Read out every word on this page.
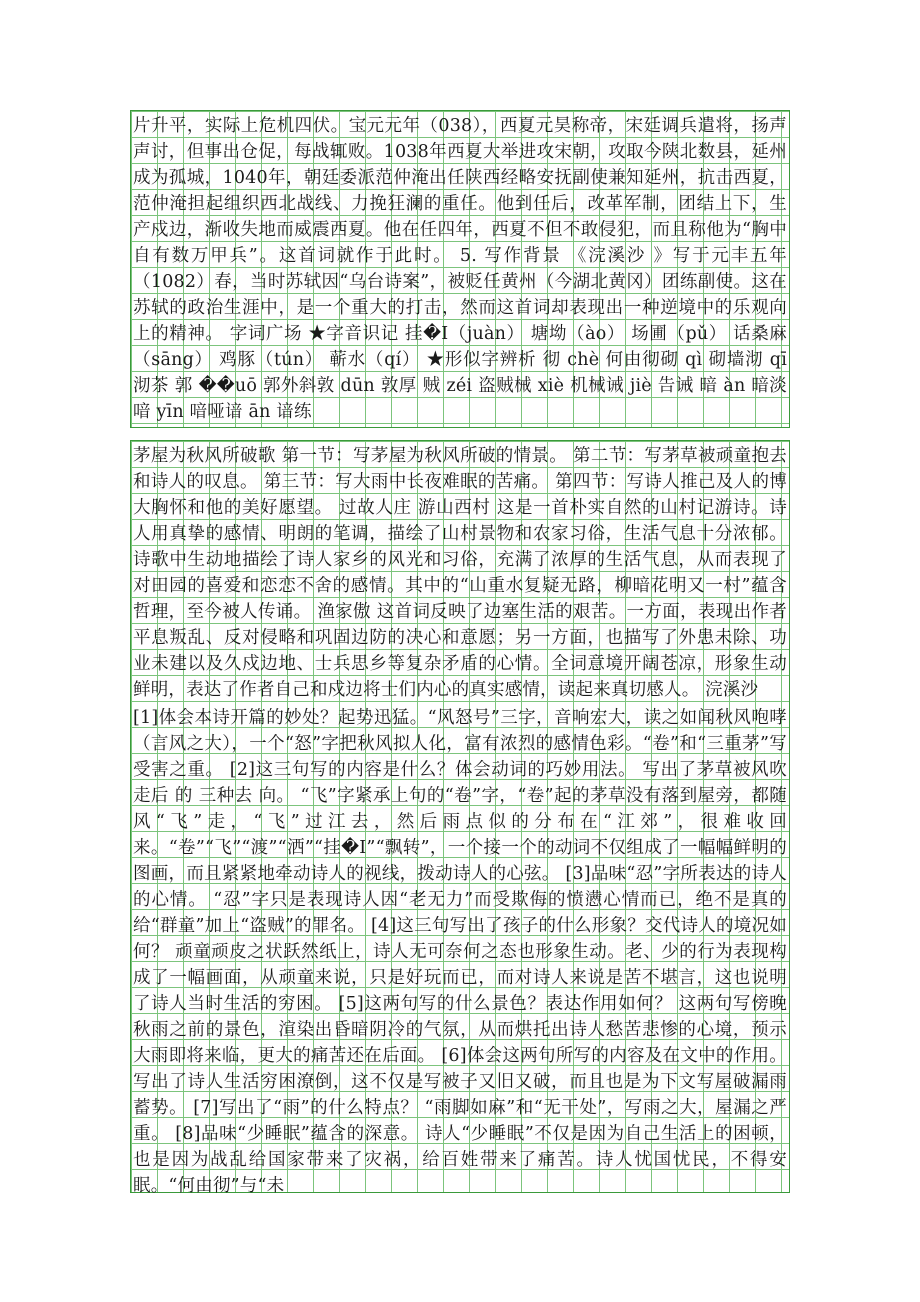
片升平，实际上危机四伏。宝元元年（038），西夏元昊称帝，宋廷调兵遣将，扬声声讨，但事出仓促，每战辄败。1038年西夏大举进攻宋朝，攻取今陕北数县，延州成为孤城，1040年，朝廷委派范仲淹出任陕西经略安抚副使兼知延州，抗击西夏，范仲淹担起组织西北战线、力挽狂澜的重任。他到任后，改革军制，团结上下，生产戍边，渐收失地而威震西夏。他在任四年，西夏不但不敢侵犯，而且称他为“胸中自有数万甲兵”。这首词就作于此时。 5. 写作背景 《浣溪沙 》写于元丰五年（1082）春，当时苏轼因“乌台诗案”，被贬任黄州（今湖北黄冈）团练副使。这在苏轼的政治生涯中，是一个重大的打击，然而这首词却表现出一种逆境中的乐观向上的精神。 字词广场 ★字音识记 挂�I（juàn） 塘坳（ào） 场圃（pǔ） 话桑麻（sāng） 鸡豚（tún） 蕲水（qí） ★形似字辨析 彻 chè 何由彻砌 qì 砌墙沏 qī 沏茶 郭 ��uō 郭外斜敦 dūn 敦厚 贼 zéi 盗贼械 xiè 机械诫 jiè 告诫 暗 àn 暗淡喑 yīn 喑哑谙 ān 谙练

茅屋为秋风所破歌 第一节：写茅屋为秋风所破的情景。 第二节：写茅草被顽童抱去和诗人的叹息。 第三节：写大雨中长夜难眠的苦痛。 第四节：写诗人推己及人的博大胸怀和他的美好愿望。 过故人庄 游山西村 这是一首朴实自然的山村记游诗。诗人用真挚的感情、明朗的笔调，描绘了山村景物和农家习俗，生活气息十分浓郁。诗歌中生动地描绘了诗人家乡的风光和习俗，充满了浓厚的生活气息，从而表现了对田园的喜爱和恋恋不舍的感情。其中的“山重水复疑无路，柳暗花明又一村”蕴含哲理，至今被人传诵。 渔家傲 这首词反映了边塞生活的艰苦。一方面，表现出作者平息叛乱、反对侵略和巩固边防的决心和意愿；另一方面，也描写了外患未除、功业未建以及久戍边地、士兵思乡等复杂矛盾的心情。全词意境开阔苍凉，形象生动鲜明，表达了作者自己和戍边将士们内心的真实感情，读起来真切感人。 浣溪沙

[1]体会本诗开篇的妙处？起势迅猛。“风怒号”三字，音响宏大，读之如闻秋风咆哮（言风之大），一个“怒”字把秋风拟人化，富有浓烈的感情色彩。“卷”和“三重茅”写受害之重。 [2]这三句写的内容是什么？体会动词的巧妙用法。 写出了茅草被风吹走后 的 三种去 向。 “飞”字紧承上句的“卷”字，“卷”起的茅草没有落到屋旁，都随风“飞”走，“飞”过江去，然后雨点似的分布在“江郊”，很难收回来。“卷”“飞”“渡”“洒”“挂�I”“飘转”，一个接一个的动词不仅组成了一幅幅鲜明的图画，而且紧紧地牵动诗人的视线，拨动诗人的心弦。 [3]品味“忍”字所表达的诗人的心情。 “忍”字只是表现诗人因“老无力”而受欺侮的愤懑心情而已，绝不是真的给“群童”加上“盗贼”的罪名。 [4]这三句写出了孩子的什么形象？交代诗人的境况如何？ 顽童顽皮之状跃然纸上，诗人无可奈何之态也形象生动。老、少的行为表现构成了一幅画面，从顽童来说，只是好玩而已，而对诗人来说是苦不堪言，这也说明了诗人当时生活的穷困。 [5]这两句写的什么景色？表达作用如何？ 这两句写傍晚秋雨之前的景色，渲染出昏暗阴冷的气氛，从而烘托出诗人愁苦悲惨的心境，预示大雨即将来临，更大的痛苦还在后面。 [6]体会这两句所写的内容及在文中的作用。 写出了诗人生活穷困潦倒，这不仅是写被子又旧又破，而且也是为下文写屋破漏雨蓄势。 [7]写出了“雨”的什么特点？ “雨脚如麻”和“无干处”，写雨之大，屋漏之严重。 [8]品味“少睡眠”蕴含的深意。 诗人“少睡眠”不仅是因为自己生活上的困顿，也是因为战乱给国家带来了灾祸，给百姓带来了痛苦。诗人忧国忧民，不得安眠。“何由彻”与“未
